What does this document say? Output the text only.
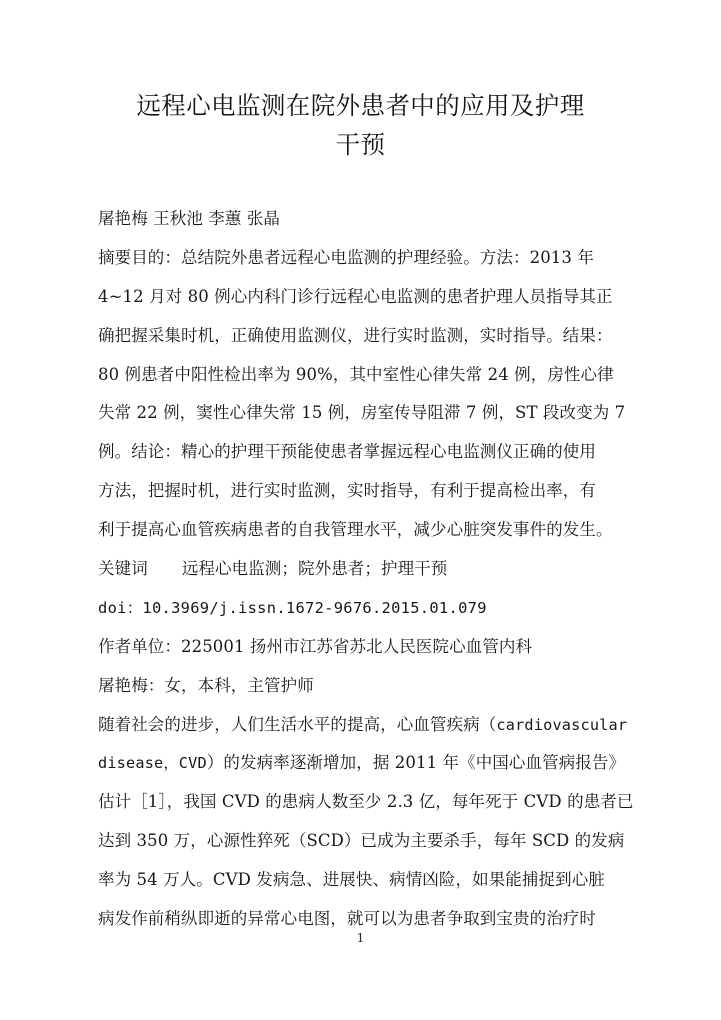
远程心电监测在院外患者中的应用及护理
干预
屠艳梅 王秋池 李蕙 张晶
摘要目的：总结院外患者远程心电监测的护理经验。方法：2013 年
4~12 月对 80 例心内科门诊行远程心电监测的患者护理人员指导其正
确把握采集时机，正确使用监测仪，进行实时监测，实时指导。结果：
80 例患者中阳性检出率为 90%，其中室性心律失常 24 例，房性心律
失常 22 例，窦性心律失常 15 例，房室传导阻滞 7 例，ST 段改变为 7
例。结论：精心的护理干预能使患者掌握远程心电监测仪正确的使用
方法，把握时机，进行实时监测，实时指导，有利于提高检出率，有
利于提高心血管疾病患者的自我管理水平，减少心脏突发事件的发生。
关键词 远程心电监测；院外患者；护理干预
doi：10.3969/j.issn.1672-9676.2015.01.079
作者单位：225001 扬州市江苏省苏北人民医院心血管内科
屠艳梅：女，本科，主管护师
随着社会的进步，人们生活水平的提高，心血管疾病（cardiovascular
disease，CVD）的发病率逐渐增加，据 2011 年《中国心血管病报告》
估计［1］，我国 CVD 的患病人数至少 2.3 亿，每年死于 CVD 的患者已
达到 350 万，心源性猝死（SCD）已成为主要杀手，每年 SCD 的发病
率为 54 万人。CVD 发病急、进展快、病情凶险，如果能捕捉到心脏
病发作前稍纵即逝的异常心电图，就可以为患者争取到宝贵的治疗时
1
